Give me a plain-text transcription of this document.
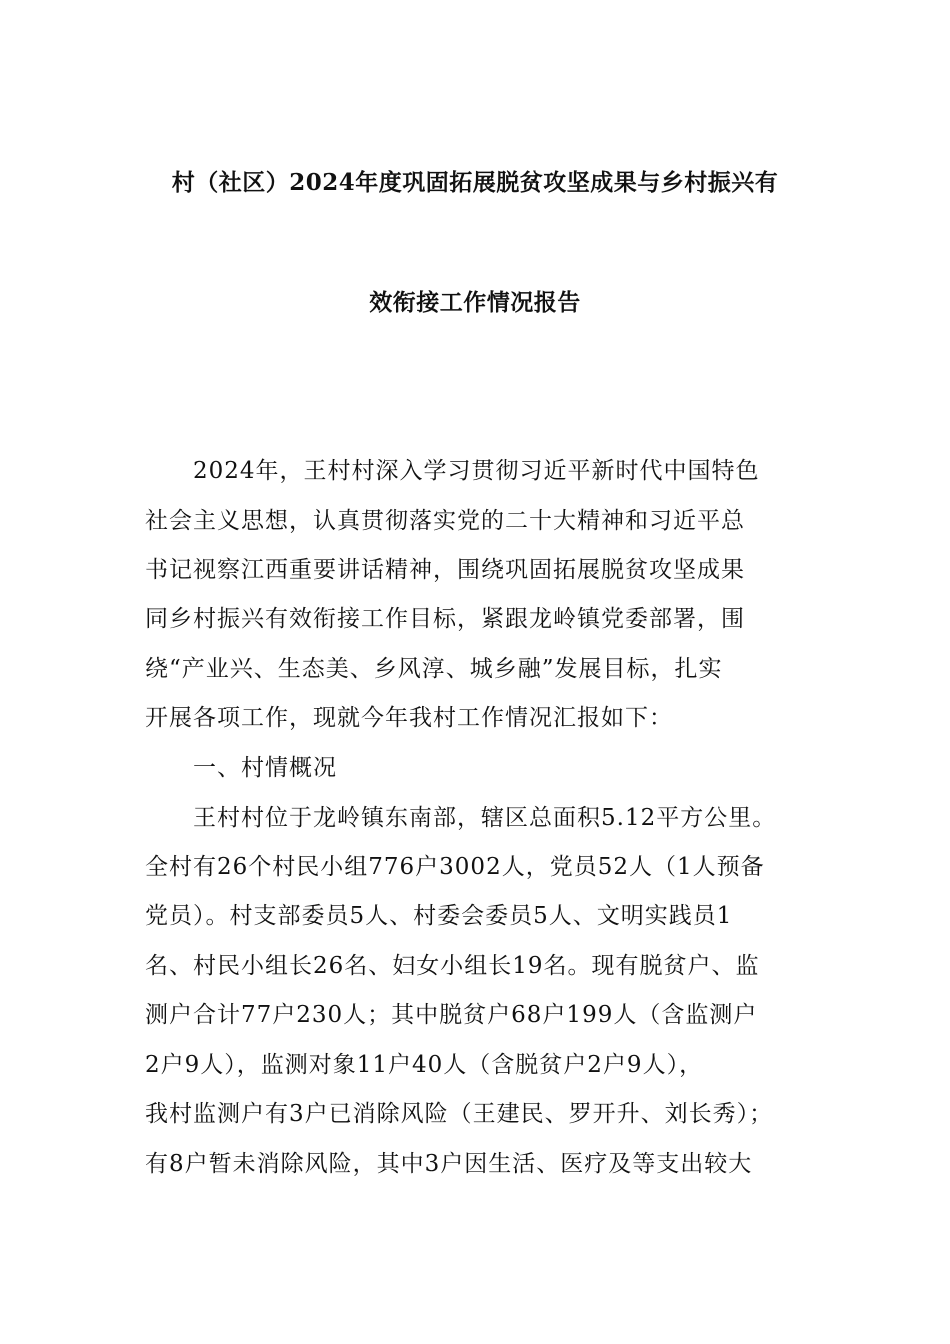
村（社区）2024年度巩固拓展脱贫攻坚成果与乡村振兴有
效衔接工作情况报告
2024年，王村村深入学习贯彻习近平新时代中国特色
社会主义思想，认真贯彻落实党的二十大精神和习近平总
书记视察江西重要讲话精神，围绕巩固拓展脱贫攻坚成果
同乡村振兴有效衔接工作目标，紧跟龙岭镇党委部署，围
绕“产业兴、生态美、乡风淳、城乡融”发展目标，扎实
开展各项工作，现就今年我村工作情况汇报如下：
一、村情概况
王村村位于龙岭镇东南部，辖区总面积5.12平方公里。
全村有26个村民小组776户3002人，党员52人（1人预备
党员）。村支部委员5人、村委会委员5人、文明实践员1
名、村民小组长26名、妇女小组长19名。现有脱贫户、监
测户合计77户230人；其中脱贫户68户199人（含监测户
2户9人），监测对象11户40人（含脱贫户2户9人），
我村监测户有3户已消除风险（王建民、罗开升、刘长秀）；
有8户暂未消除风险，其中3户因生活、医疗及等支出较大
